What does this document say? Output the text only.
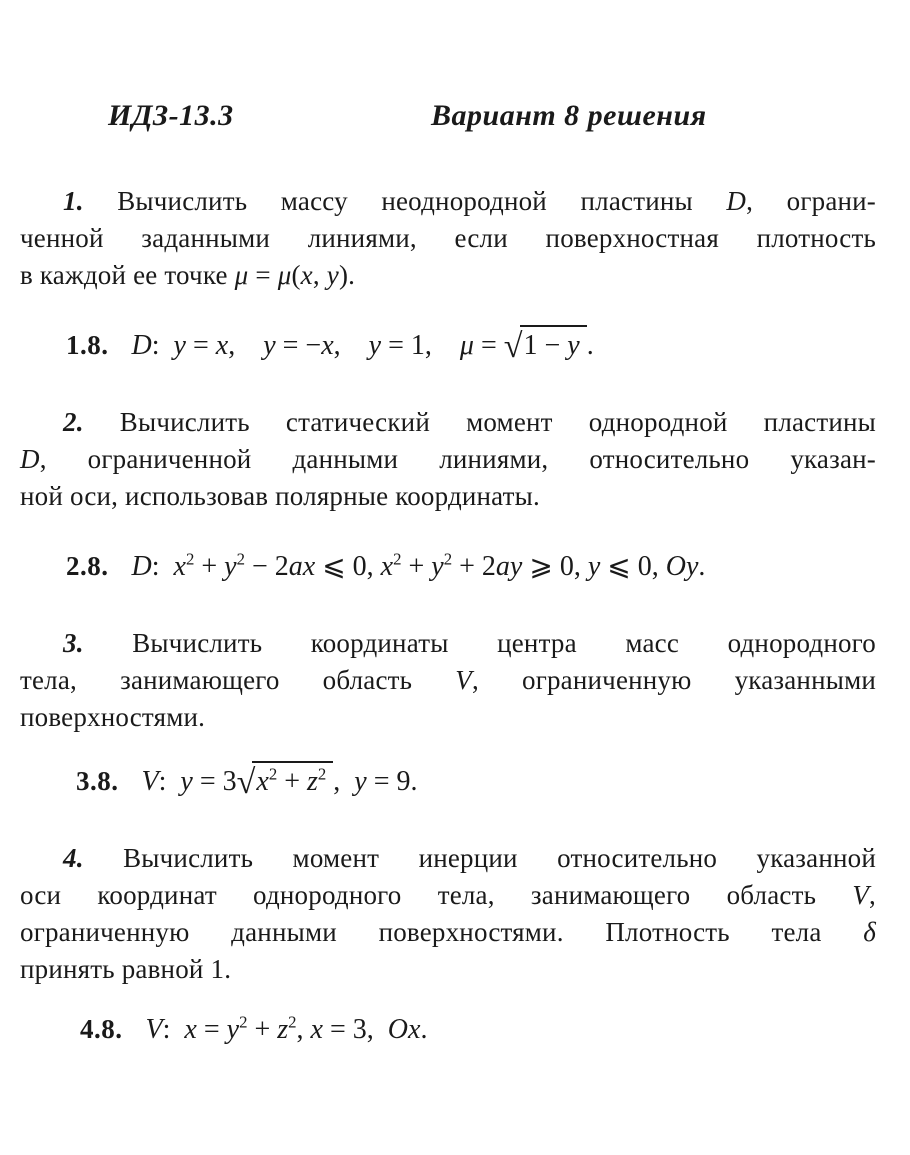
ИДЗ-13.3	Вариант 8 решения

1. Вычислить массу неоднородной пластины D, ограни-
ченной заданными линиями, если поверхностная плотность
в каждой ее точке μ = μ(x, y).

1.8. D: y = x,  y = −x,  y = 1,  μ = √1 − y .

2. Вычислить статический момент однородной пластины
D, ограниченной данными линиями, относительно указан-
ной оси, использовав полярные координаты.

2.8. D: $x^2 + y^2 - 2ax$ ⩽ 0, $x^2 + y^2 + 2ay$ ⩾ 0, y ⩽ 0, Oy.

3. Вычислить координаты центра масс однородного
тела, занимающего область V, ограниченную указанными
поверхностями.

3.8. V: $y = 3√x^2 + z^2$ , y = 9.

4. Вычислить момент инерции относительно указанной
оси координат однородного тела, занимающего область V,
ограниченную данными поверхностями. Плотность тела δ
принять равной 1.

4.8. V: $x = y^2 + z^2$, x = 3, Ox.
